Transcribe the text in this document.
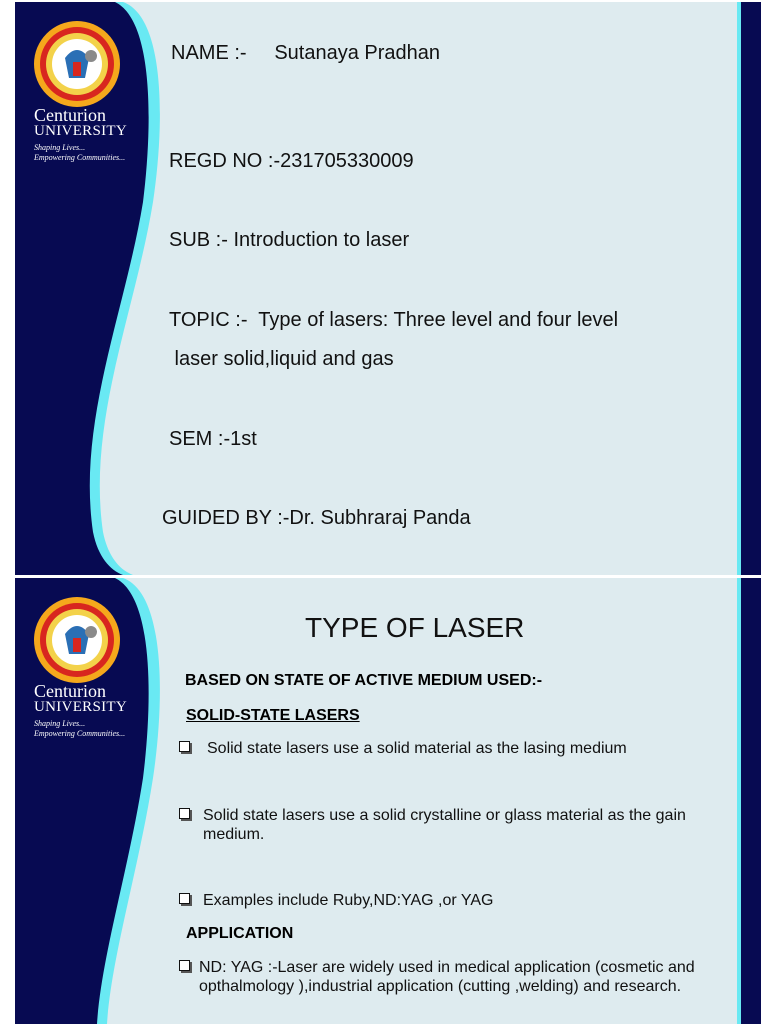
Centurion
UNIVERSITY
Shaping Lives...
Empowering Communities...
NAME :-     Sutanaya Pradhan
REGD NO :-231705330009
SUB :- Introduction to laser
TOPIC :-  Type of lasers: Three level and four level
laser solid,liquid and gas
SEM :-1st
GUIDED BY :-Dr. Subhraraj Panda
Centurion
UNIVERSITY
Shaping Lives...
Empowering Communities...
TYPE OF LASER
BASED ON STATE OF ACTIVE MEDIUM USED:-
SOLID-STATE LASERS
Solid state lasers use a solid material as the lasing medium
Solid state lasers use a solid crystalline or glass material as the gain medium.
Examples include Ruby,ND:YAG ,or YAG
APPLICATION
ND: YAG :-Laser are widely used in medical application (cosmetic and opthalmology ),industrial application (cutting ,welding) and research.
